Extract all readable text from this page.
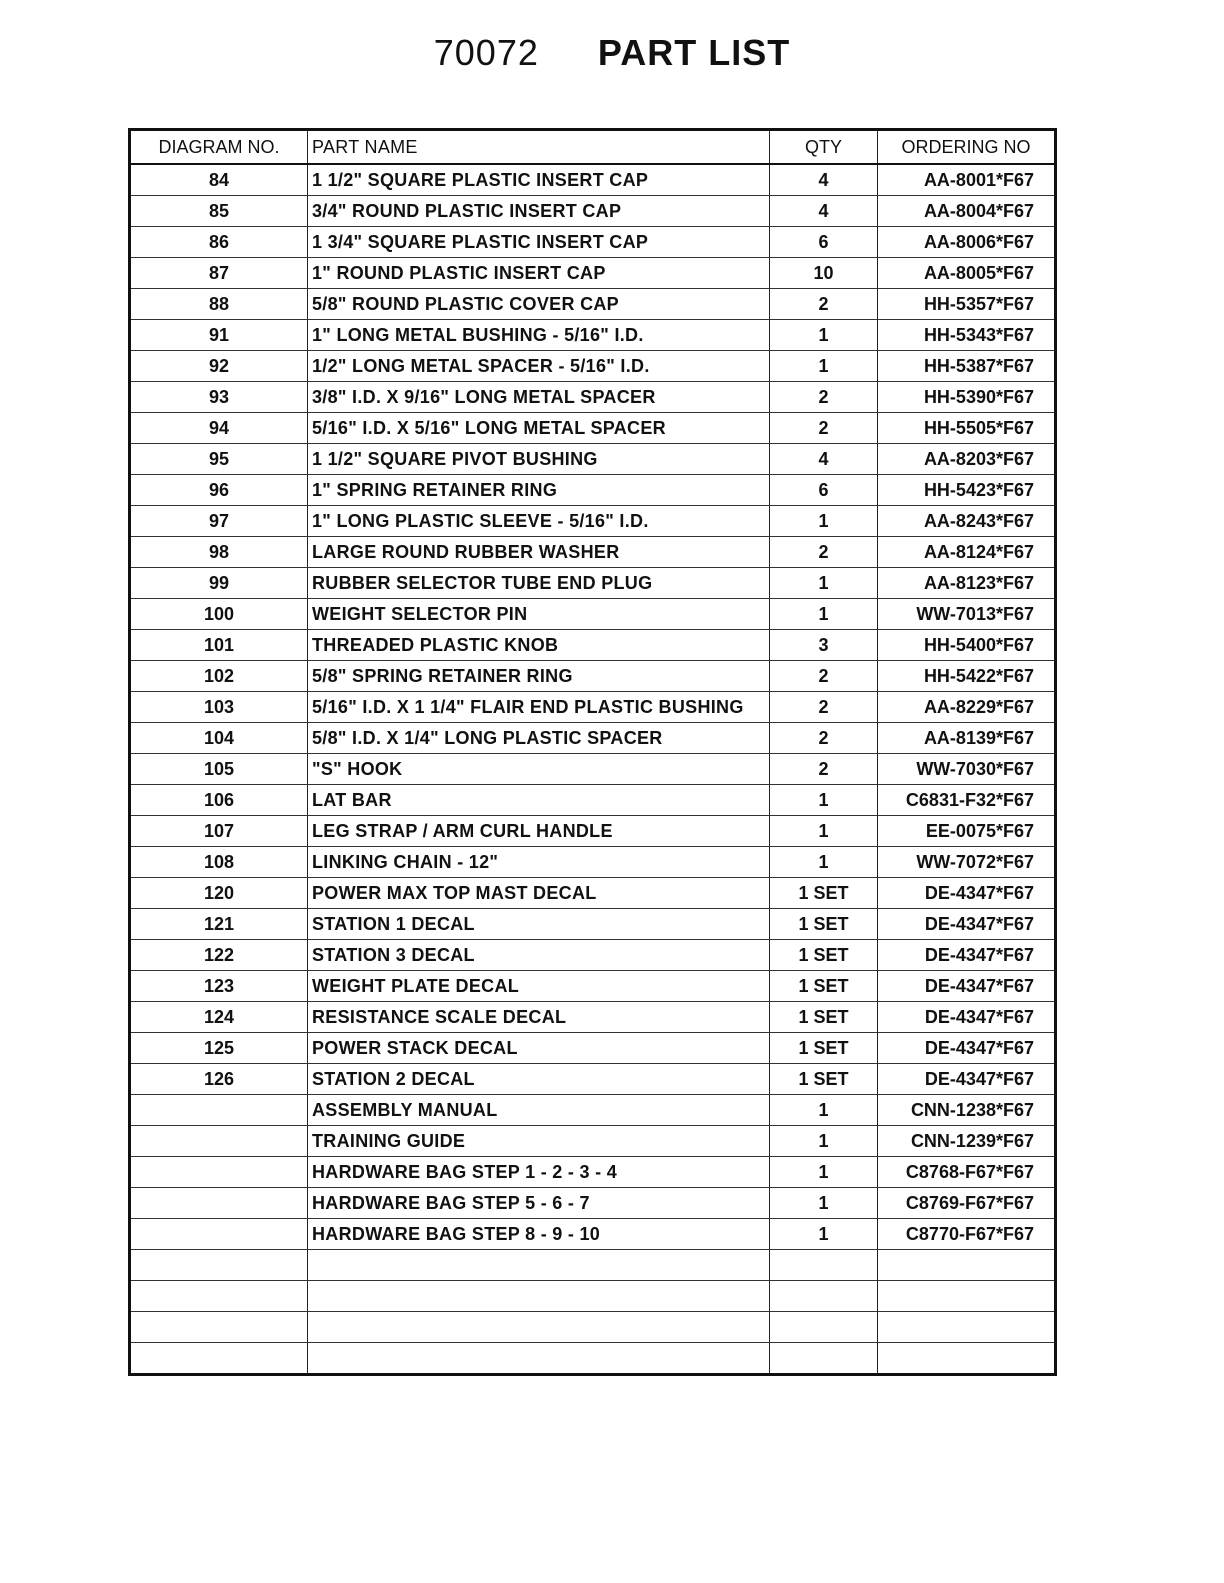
70072 PART LIST
DIAGRAM NO.	PART NAME	QTY	ORDERING NO
84	1 1/2" SQUARE PLASTIC INSERT CAP	4	AA-8001*F67
85	3/4" ROUND PLASTIC INSERT CAP	4	AA-8004*F67
86	1 3/4" SQUARE PLASTIC INSERT CAP	6	AA-8006*F67
87	1" ROUND PLASTIC INSERT CAP	10	AA-8005*F67
88	5/8" ROUND PLASTIC COVER CAP	2	HH-5357*F67
91	1" LONG METAL BUSHING - 5/16" I.D.	1	HH-5343*F67
92	1/2" LONG METAL SPACER - 5/16" I.D.	1	HH-5387*F67
93	3/8" I.D. X 9/16" LONG METAL SPACER	2	HH-5390*F67
94	5/16" I.D. X 5/16" LONG METAL SPACER	2	HH-5505*F67
95	1 1/2" SQUARE PIVOT BUSHING	4	AA-8203*F67
96	1" SPRING RETAINER RING	6	HH-5423*F67
97	1" LONG PLASTIC SLEEVE - 5/16" I.D.	1	AA-8243*F67
98	LARGE ROUND RUBBER WASHER	2	AA-8124*F67
99	RUBBER SELECTOR TUBE END PLUG	1	AA-8123*F67
100	WEIGHT SELECTOR PIN	1	WW-7013*F67
101	THREADED PLASTIC KNOB	3	HH-5400*F67
102	5/8" SPRING RETAINER RING	2	HH-5422*F67
103	5/16" I.D. X 1 1/4" FLAIR END PLASTIC BUSHING	2	AA-8229*F67
104	5/8" I.D. X 1/4" LONG PLASTIC SPACER	2	AA-8139*F67
105	"S" HOOK	2	WW-7030*F67
106	LAT BAR	1	C6831-F32*F67
107	LEG STRAP / ARM CURL HANDLE	1	EE-0075*F67
108	LINKING CHAIN - 12"	1	WW-7072*F67
120	POWER MAX TOP MAST DECAL	1 SET	DE-4347*F67
121	STATION 1 DECAL	1 SET	DE-4347*F67
122	STATION 3 DECAL	1 SET	DE-4347*F67
123	WEIGHT PLATE DECAL	1 SET	DE-4347*F67
124	RESISTANCE SCALE DECAL	1 SET	DE-4347*F67
125	POWER STACK DECAL	1 SET	DE-4347*F67
126	STATION 2 DECAL	1 SET	DE-4347*F67
	ASSEMBLY MANUAL	1	CNN-1238*F67
	TRAINING GUIDE	1	CNN-1239*F67
	HARDWARE BAG STEP 1 - 2 - 3 - 4	1	C8768-F67*F67
	HARDWARE BAG STEP 5 - 6 - 7	1	C8769-F67*F67
	HARDWARE BAG STEP 8 - 9 - 10	1	C8770-F67*F67
